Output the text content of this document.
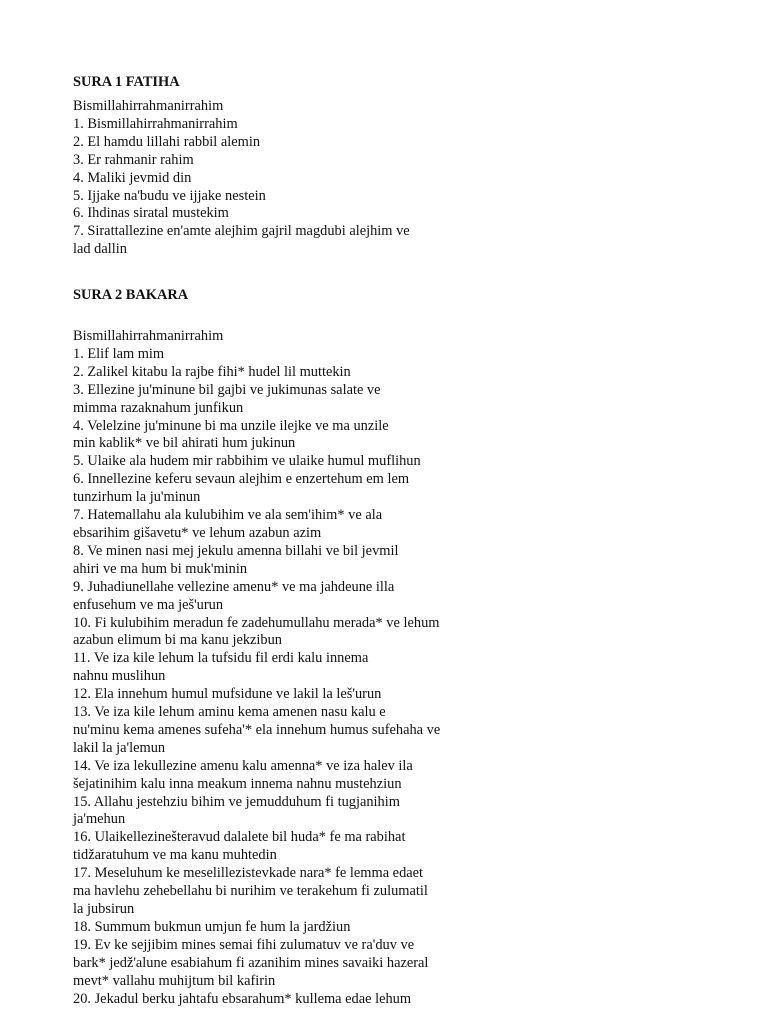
SURA 1 FATIHA
Bismillahirrahmanirrahim
1. Bismillahirrahmanirrahim
2. El hamdu lillahi rabbil alemin
3. Er rahmanir rahim
4. Maliki jevmid din
5. Ijjake na'budu ve ijjake nestein
6. Ihdinas siratal mustekim
7. Sirattallezine en'amte alejhim gajril magdubi alejhim ve
lad dallin
SURA 2 BAKARA
Bismillahirrahmanirrahim
1. Elif lam mim
2. Zalikel kitabu la rajbe fihi* hudel lil muttekin
3. Ellezine ju'minune bil gajbi ve jukimunas salate ve
mimma razaknahum junfikun
4. Velelzine ju'minune bi ma unzile ilejke ve ma unzile
min kablik* ve bil ahirati hum jukinun
5. Ulaike ala hudem mir rabbihim ve ulaike humul muflihun
6. Innellezine keferu sevaun alejhim e enzertehum em lem
tunzirhum la ju'minun
7. Hatemallahu ala kulubihim ve ala sem'ihim* ve ala
ebsarihim gišavetu* ve lehum azabun azim
8. Ve minen nasi mej jekulu amenna billahi ve bil jevmil
ahiri ve ma hum bi muk'minin
9. Juhadiunellahe vellezine amenu* ve ma jahdeune illa
enfusehum ve ma ješ'urun
10. Fi kulubihim meradun fe zadehumullahu merada* ve lehum
azabun elimum bi ma kanu jekzibun
11. Ve iza kile lehum la tufsidu fil erdi kalu innema
nahnu muslihun
12. Ela innehum humul mufsidune ve lakil la leš'urun
13. Ve iza kile lehum aminu kema amenen nasu kalu e
nu'minu kema amenes sufeha'* ela innehum humus sufehaha ve
lakil la ja'lemun
14. Ve iza lekullezine amenu kalu amenna* ve iza halev ila
šejatinihim kalu inna meakum innema nahnu mustehziun
15. Allahu jestehziu bihim ve jemudduhum fi tugjanihim
ja'mehun
16. Ulaikellezinešteravud dalalete bil huda* fe ma rabihat
tidžaratuhum ve ma kanu muhtedin
17. Meseluhum ke meselillezistevkade nara* fe lemma edaet
ma havlehu zehebellahu bi nurihim ve terakehum fi zulumatil
la jubsirun
18. Summum bukmun umjun fe hum la jardžiun
19. Ev ke sejjibim mines semai fihi zulumatuv ve ra'duv ve
bark* jedž'alune esabiahum fi azanihim mines savaiki hazeral
mevt* vallahu muhijtum bil kafirin
20. Jekadul berku jahtafu ebsarahum* kullema edae lehum
